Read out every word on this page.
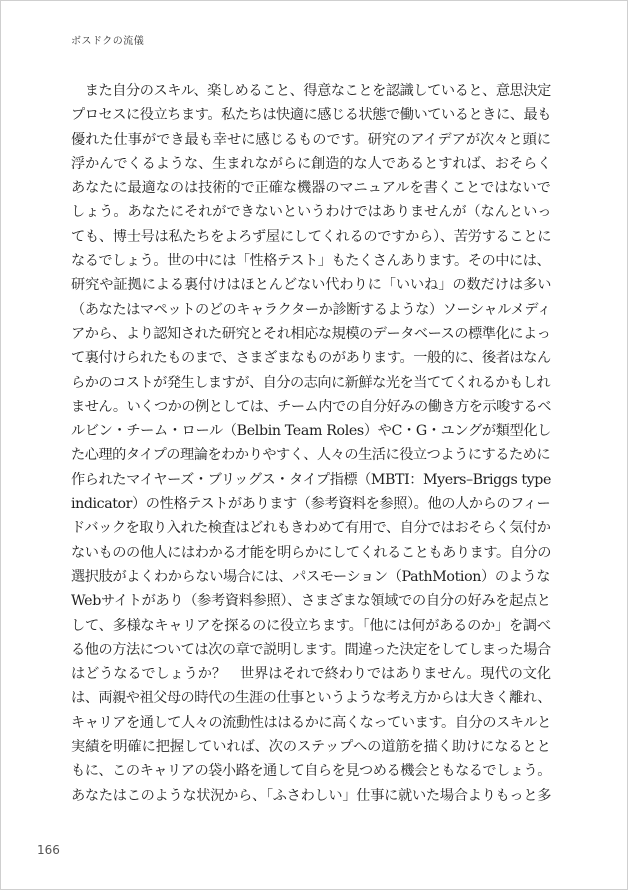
ボスドクの流儀
　また自分のスキル、楽しめること、得意なことを認識していると、意思決定
プロセスに役立ちます。私たちは快適に感じる状態で働いているときに、最も
優れた仕事ができ最も幸せに感じるものです。研究のアイデアが次々と頭に
浮かんでくるような、生まれながらに創造的な人であるとすれば、おそらく
あなたに最適なのは技術的で正確な機器のマニュアルを書くことではないで
しょう。あなたにそれができないというわけではありませんが（なんといっ
ても、博士号は私たちをよろず屋にしてくれるのですから）、苦労することに
なるでしょう。世の中には「性格テスト」もたくさんあります。その中には、
研究や証拠による裏付けはほとんどない代わりに「いいね」の数だけは多い
（あなたはマペットのどのキャラクターか診断するような）ソーシャルメディ
アから、より認知された研究とそれ相応な規模のデータベースの標準化によっ
て裏付けられたものまで、さまざまなものがあります。一般的に、後者はなん
らかのコストが発生しますが、自分の志向に新鮮な光を当ててくれるかもしれ
ません。いくつかの例としては、チーム内での自分好みの働き方を示唆するベ
ルビン・チーム・ロール（Belbin Team Roles）やC・G・ユングが類型化し
た心理的タイプの理論をわかりやすく、人々の生活に役立つようにするために
作られたマイヤーズ・ブリッグス・タイプ指標（MBTI：Myers–Briggs type
indicator）の性格テストがあります（参考資料を参照）。他の人からのフィー
ドバックを取り入れた検査はどれもきわめて有用で、自分ではおそらく気付か
ないものの他人にはわかる才能を明らかにしてくれることもあります。自分の
選択肢がよくわからない場合には、パスモーション（PathMotion）のような
Webサイトがあり（参考資料参照）、さまざまな領域での自分の好みを起点と
して、多様なキャリアを探るのに役立ちます。「他には何があるのか」を調べ
る他の方法については次の章で説明します。間違った決定をしてしまった場合
はどうなるでしょうか？　世界はそれで終わりではありません。現代の文化
は、両親や祖父母の時代の生涯の仕事というような考え方からは大きく離れ、
キャリアを通して人々の流動性ははるかに高くなっています。自分のスキルと
実績を明確に把握していれば、次のステップへの道筋を描く助けになるとと
もに、このキャリアの袋小路を通して自らを見つめる機会ともなるでしょう。
あなたはこのような状況から、「ふさわしい」仕事に就いた場合よりもっと多
166
